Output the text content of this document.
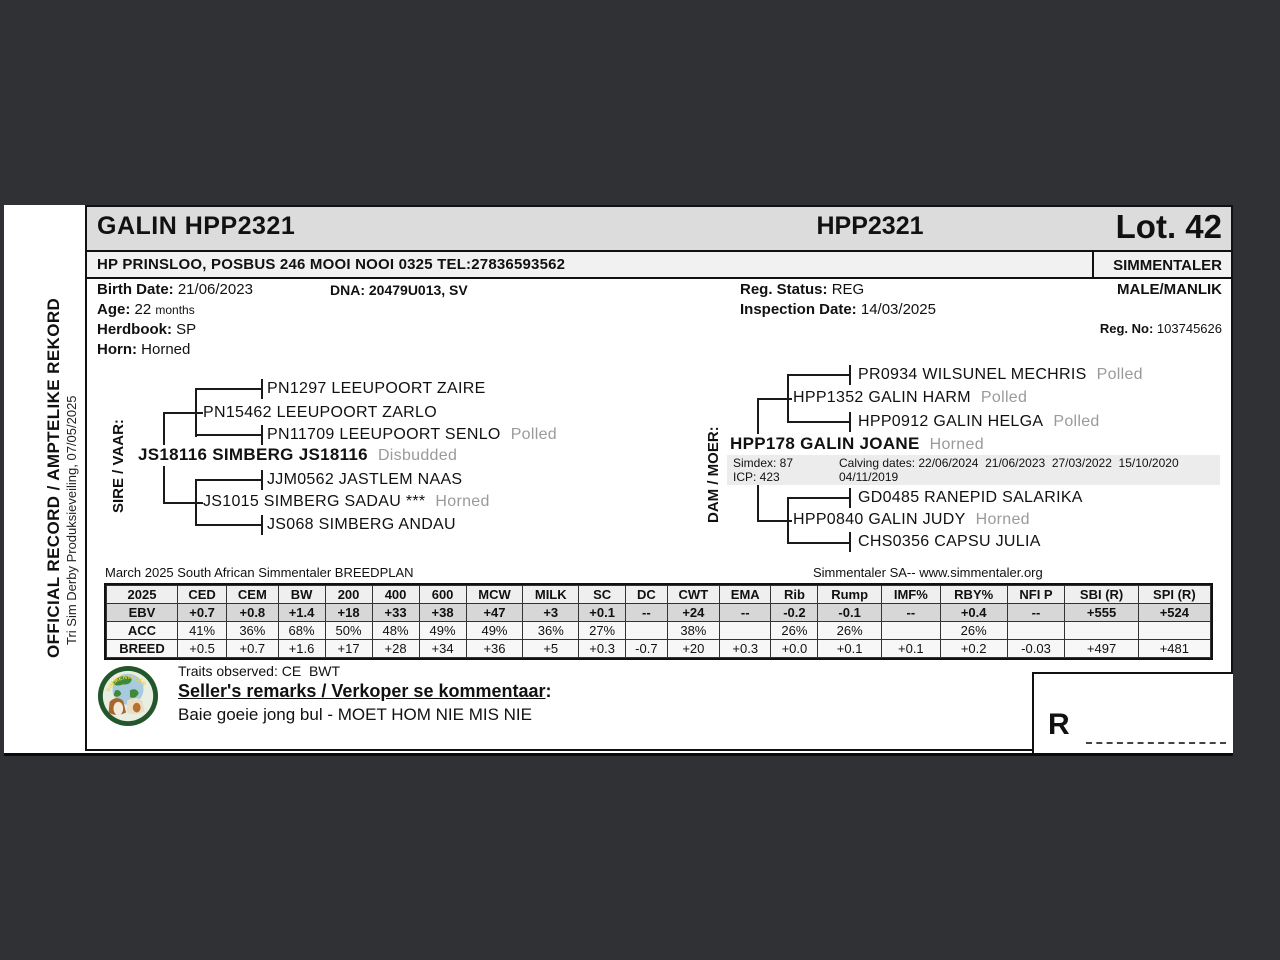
OFFICIAL RECORD / AMPTELIKE REKORD Tri Sim Derby Produksieveiling, 07/05/2025
GALIN HPP2321	HPP2321	Lot. 42
HP PRINSLOO, POSBUS 246 MOOI NOOI 0325 TEL:27836593562	SIMMENTALER
Birth Date: 21/06/2023	DNA: 20479U013, SV
Age: 22 months
Herdbook: SP
Horn: Horned
Reg. Status: REG
Inspection Date: 14/03/2025
MALE/MANLIK
Reg. No: 103745626
SIRE / VAAR:
PN1297 LEEUPOORT ZAIRE
PN15462 LEEUPOORT ZARLO
PN11709 LEEUPOORT SENLO Polled
JS18116 SIMBERG JS18116 Disbudded
JJM0562 JASTLEM NAAS
JS1015 SIMBERG SADAU *** Horned
JS068 SIMBERG ANDAU
DAM / MOER:
PR0934 WILSUNEL MECHRIS Polled
HPP1352 GALIN HARM Polled
HPP0912 GALIN HELGA Polled
HPP178 GALIN JOANE Horned
GD0485 RANEPID SALARIKA
HPP0840 GALIN JUDY Horned
CHS0356 CAPSU JULIA
Simdex: 87
ICP: 423
Calving dates: 22/06/2024  21/06/2023  27/03/2022  15/10/2020
04/11/2019
March 2025 South African Simmentaler BREEDPLAN	Simmentaler SA-- www.simmentaler.org
2025	CED	CEM	BW	200	400	600	MCW	MILK	SC	DC	CWT	EMA	Rib	Rump	IMF%	RBY%	NFI P	SBI (R)	SPI (R)
EBV	+0.7	+0.8	+1.4	+18	+33	+38	+47	+3	+0.1	--	+24	--	-0.2	-0.1	--	+0.4	--	+555	+524
ACC	41%	36%	68%	50%	48%	49%	49%	36%	27%		38%		26%	26%		26%			
BREED	+0.5	+0.7	+1.6	+17	+28	+34	+36	+5	+0.3	-0.7	+20	+0.3	+0.0	+0.1	+0.1	+0.2	-0.03	+497	+481
SIMMENTALER
Traits observed: CE  BWT
Seller's remarks / Verkoper se kommentaar:
Baie goeie jong bul - MOET HOM NIE MIS NIE	R
